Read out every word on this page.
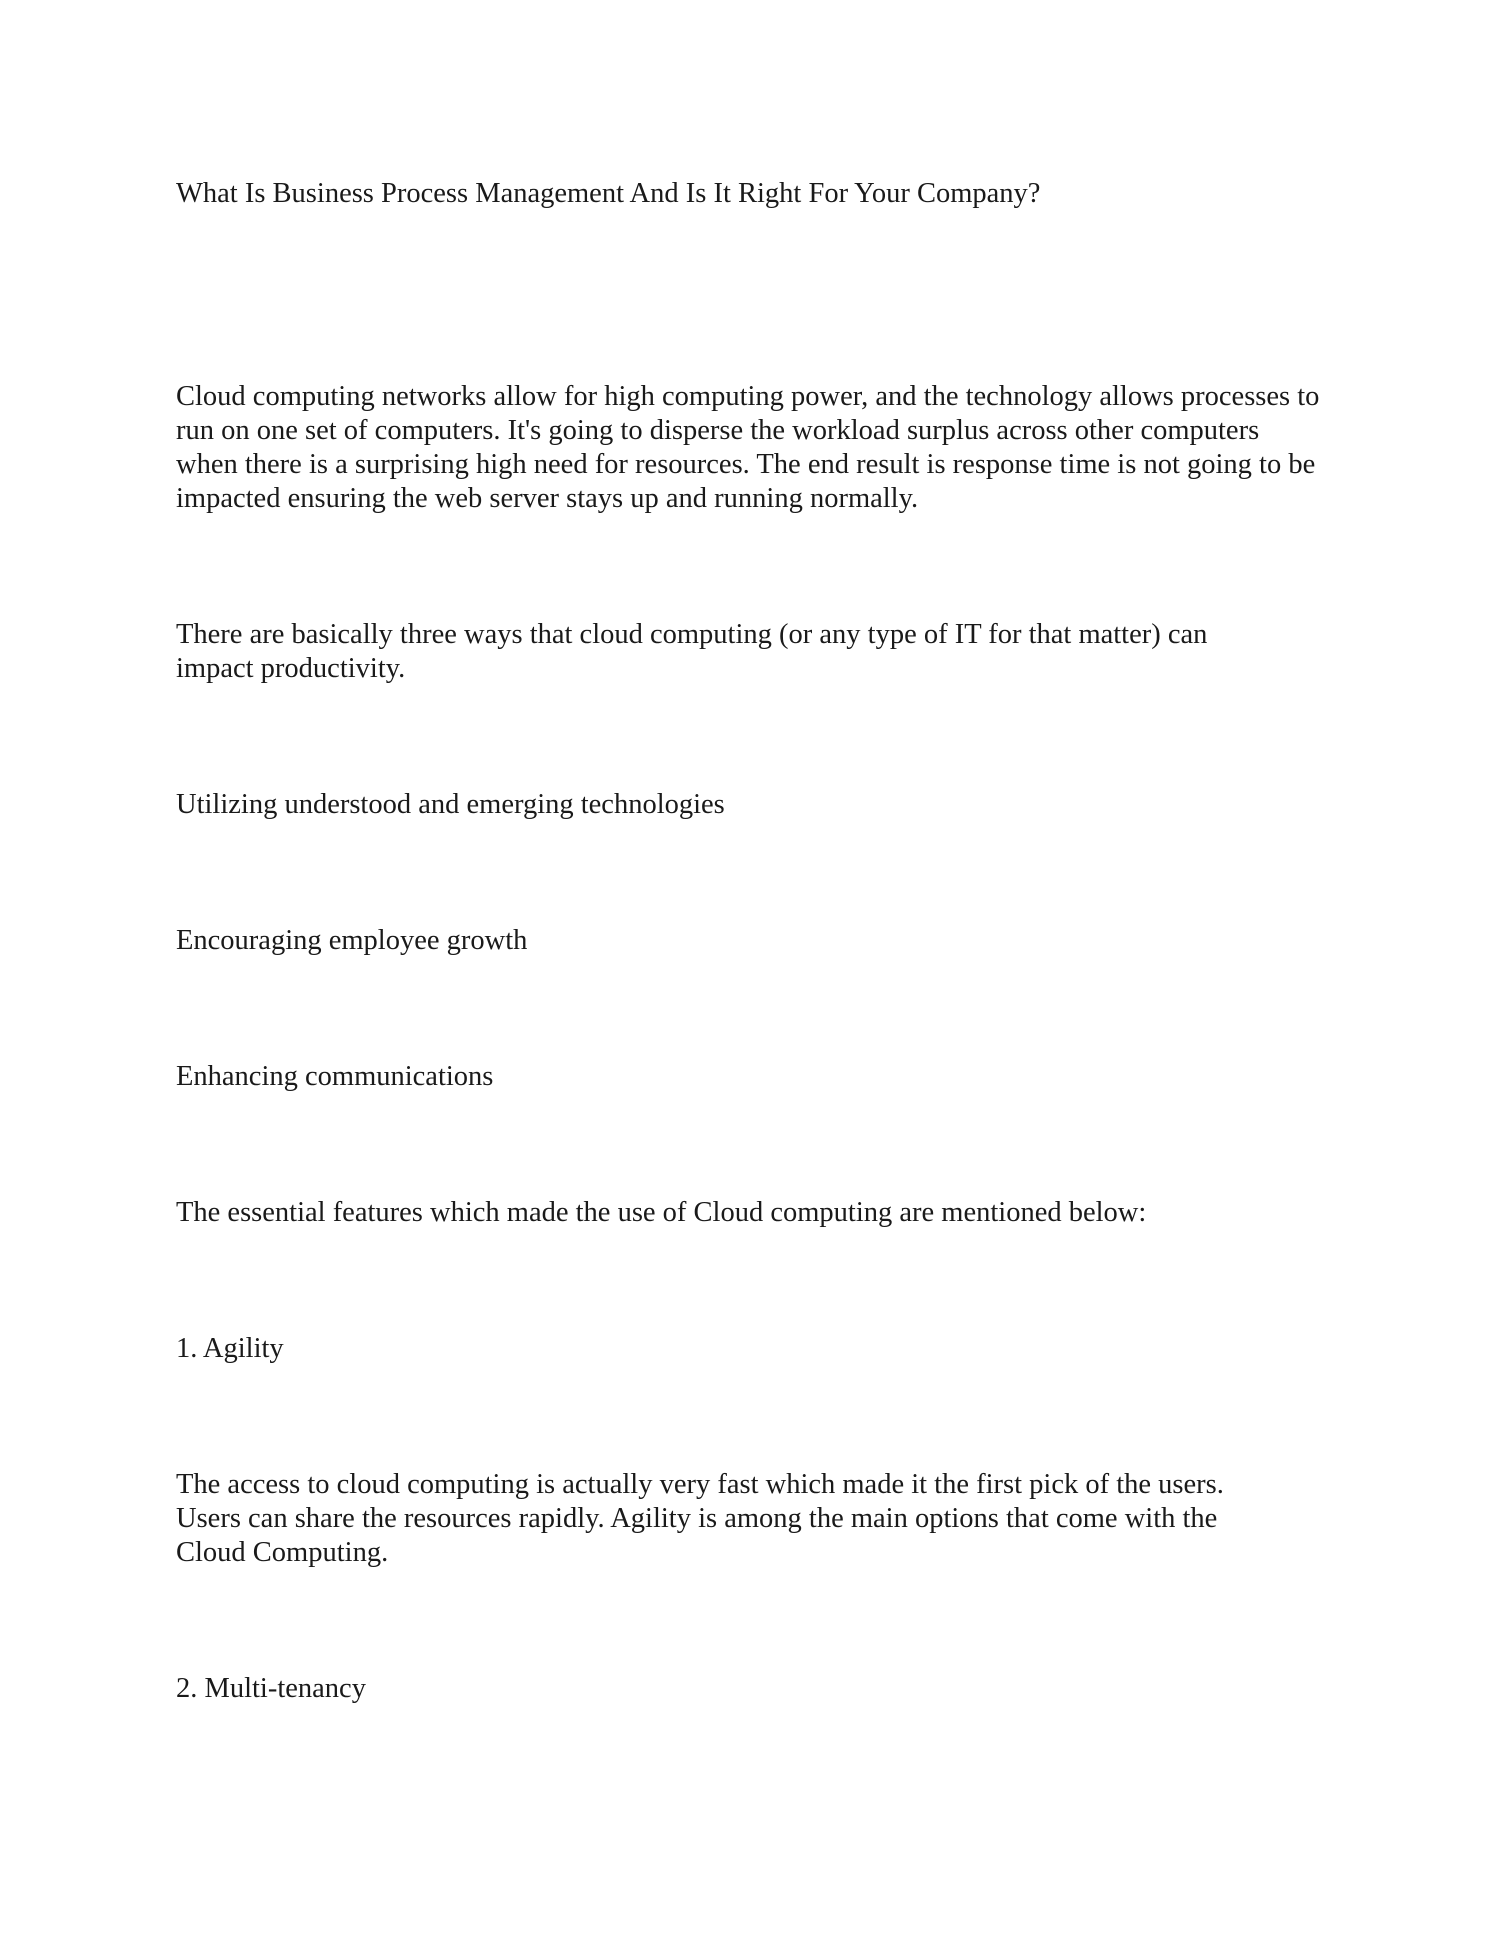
What Is Business Process Management And Is It Right For Your Company?

Cloud computing networks allow for high computing power, and the technology allows processes to run on one set of computers. It's going to disperse the workload surplus across other computers when there is a surprising high need for resources. The end result is response time is not going to be impacted ensuring the web server stays up and running normally.

There are basically three ways that cloud computing (or any type of IT for that matter) can impact productivity.

Utilizing understood and emerging technologies

Encouraging employee growth

Enhancing communications

The essential features which made the use of Cloud computing are mentioned below:

1. Agility

The access to cloud computing is actually very fast which made it the first pick of the users. Users can share the resources rapidly. Agility is among the main options that come with the Cloud Computing.

2. Multi-tenancy
